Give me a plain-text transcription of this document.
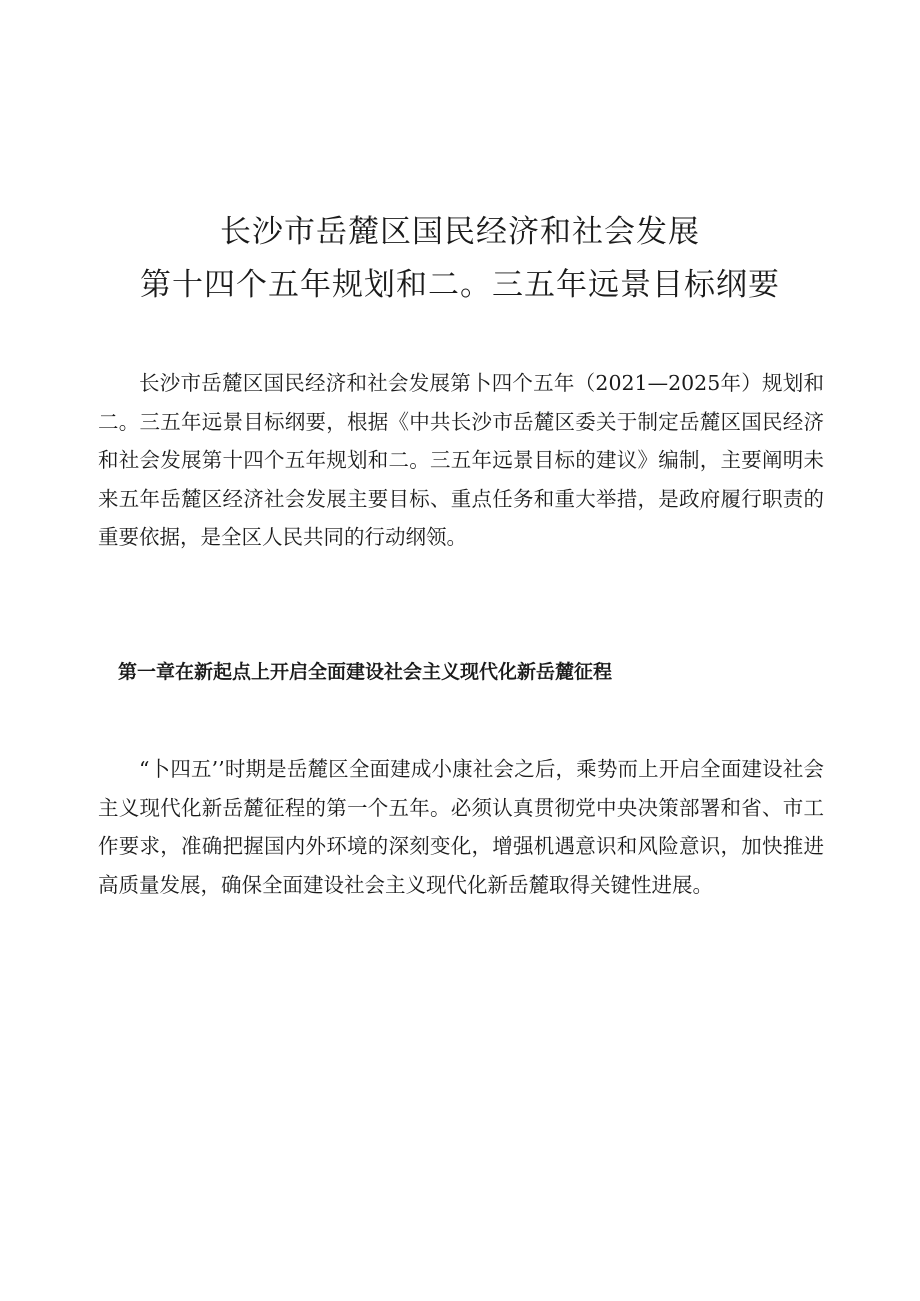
长沙市岳麓区国民经济和社会发展
第十四个五年规划和二。三五年远景目标纲要

长沙市岳麓区国民经济和社会发展第卜四个五年（2021—2025年）规划和二。三五年远景目标纲要，根据《中共长沙市岳麓区委关于制定岳麓区国民经济和社会发展第十四个五年规划和二。三五年远景目标的建议》编制，主要阐明未来五年岳麓区经济社会发展主要目标、重点任务和重大举措，是政府履行职责的重要依据，是全区人民共同的行动纲领。

第一章在新起点上开启全面建设社会主义现代化新岳麓征程

“卜四五’’时期是岳麓区全面建成小康社会之后，乘势而上开启全面建设社会主义现代化新岳麓征程的第一个五年。必须认真贯彻党中央决策部署和省、市工作要求，准确把握国内外环境的深刻变化，增强机遇意识和风险意识，加快推进高质量发展，确保全面建设社会主义现代化新岳麓取得关键性进展。
